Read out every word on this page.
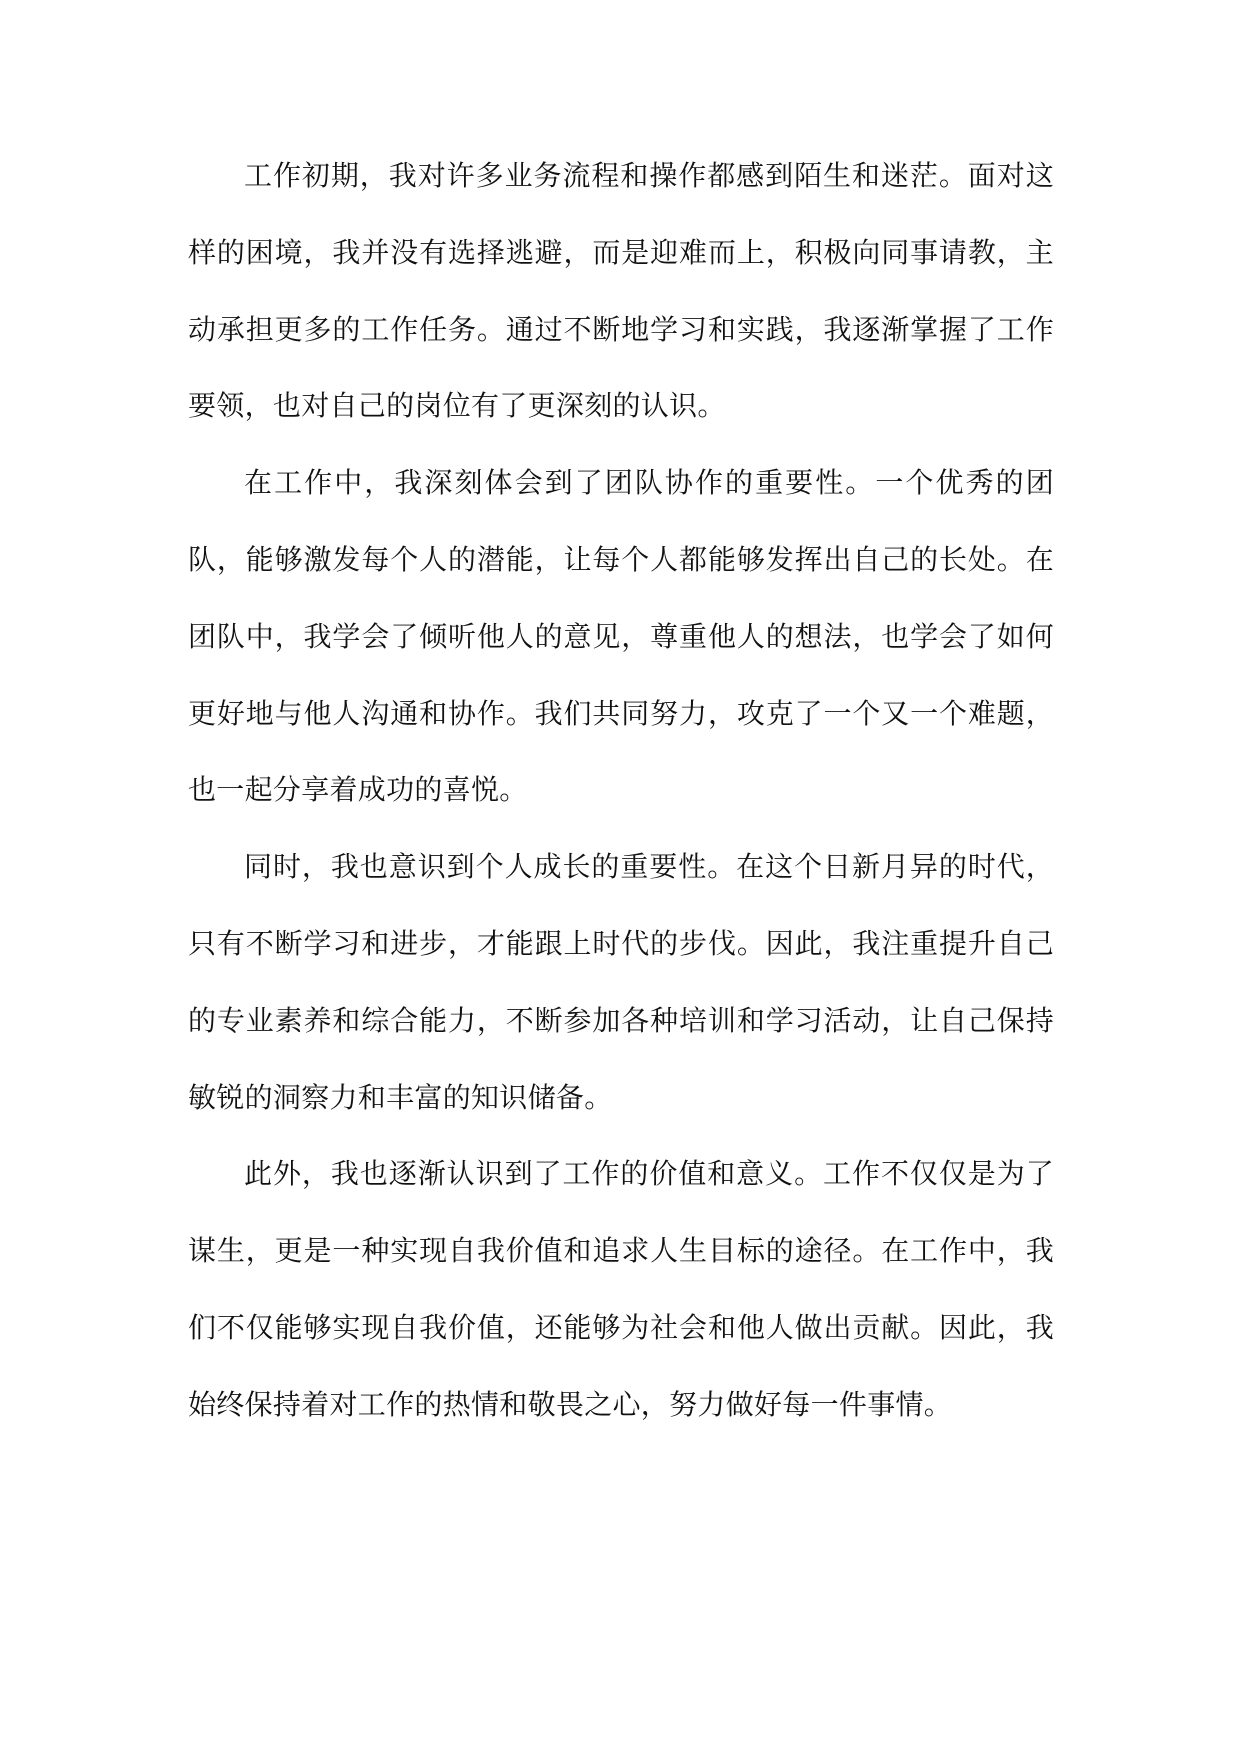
工作初期，我对许多业务流程和操作都感到陌生和迷茫。面对这样的困境，我并没有选择逃避，而是迎难而上，积极向同事请教，主动承担更多的工作任务。通过不断地学习和实践，我逐渐掌握了工作要领，也对自己的岗位有了更深刻的认识。

在工作中，我深刻体会到了团队协作的重要性。一个优秀的团队，能够激发每个人的潜能，让每个人都能够发挥出自己的长处。在团队中，我学会了倾听他人的意见，尊重他人的想法，也学会了如何更好地与他人沟通和协作。我们共同努力，攻克了一个又一个难题，也一起分享着成功的喜悦。

同时，我也意识到个人成长的重要性。在这个日新月异的时代，只有不断学习和进步，才能跟上时代的步伐。因此，我注重提升自己的专业素养和综合能力，不断参加各种培训和学习活动，让自己保持敏锐的洞察力和丰富的知识储备。

此外，我也逐渐认识到了工作的价值和意义。工作不仅仅是为了谋生，更是一种实现自我价值和追求人生目标的途径。在工作中，我们不仅能够实现自我价值，还能够为社会和他人做出贡献。因此，我始终保持着对工作的热情和敬畏之心，努力做好每一件事情。
